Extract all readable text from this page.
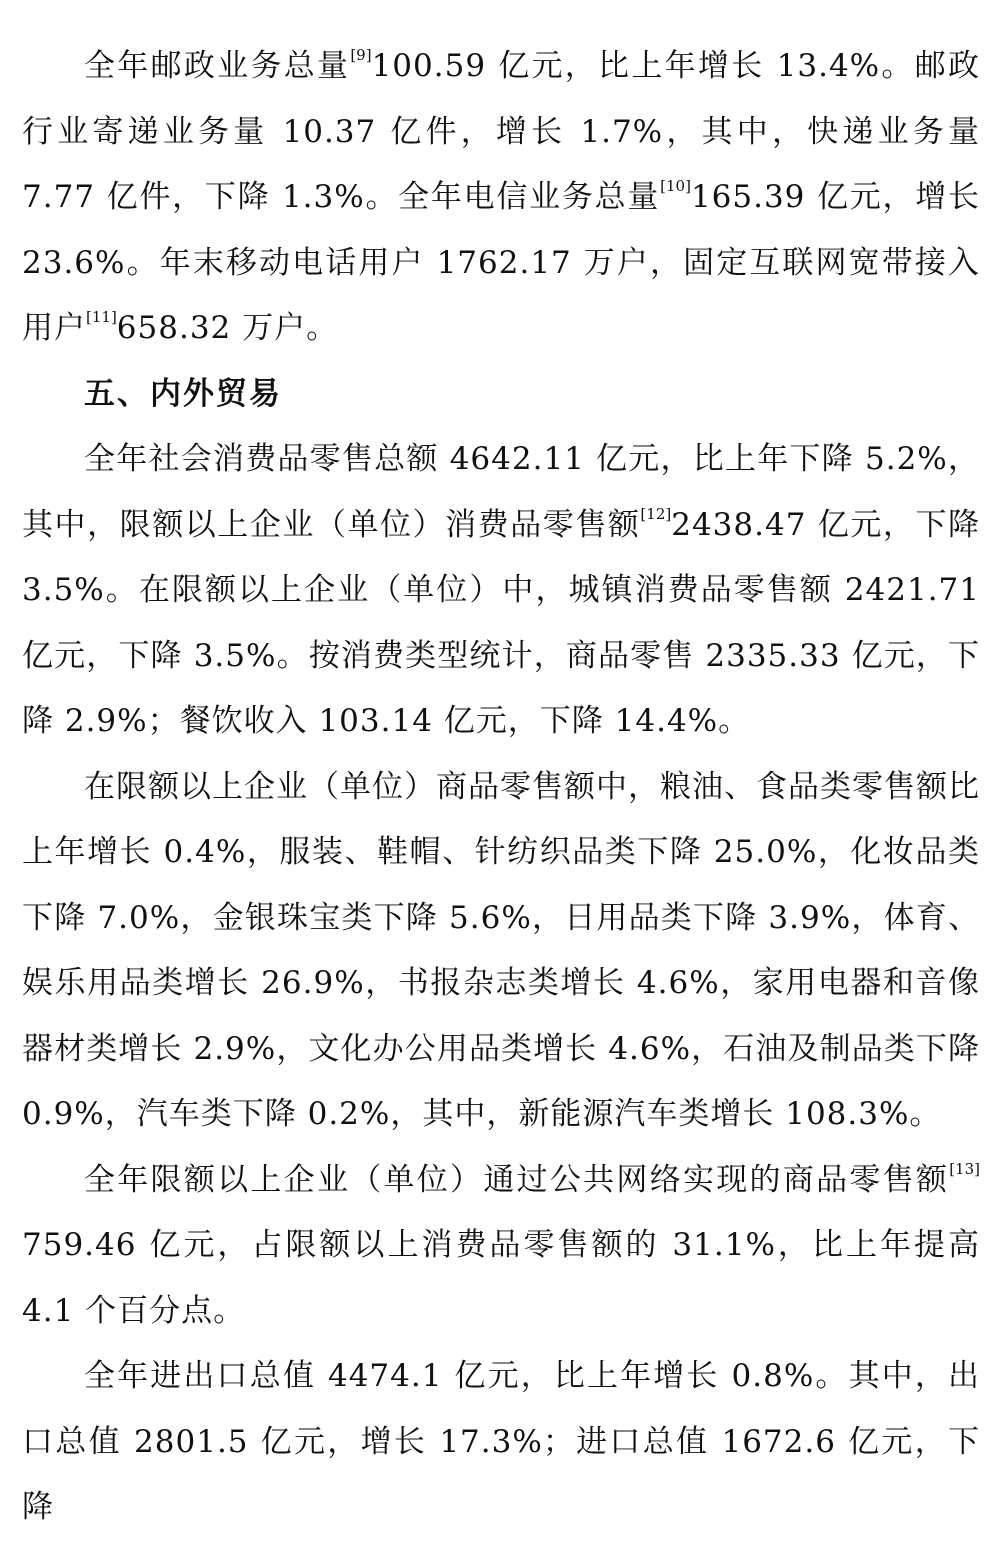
全年邮政业务总量[9]100.59 亿元，比上年增长 13.4%。邮政行业寄递业务量 10.37 亿件，增长 1.7%，其中，快递业务量 7.77 亿件，下降 1.3%。全年电信业务总量[10]165.39 亿元，增长 23.6%。年末移动电话用户 1762.17 万户，固定互联网宽带接入用户[11]658.32 万户。

五、内外贸易

全年社会消费品零售总额 4642.11 亿元，比上年下降 5.2%，其中，限额以上企业（单位）消费品零售额[12]2438.47 亿元，下降 3.5%。在限额以上企业（单位）中，城镇消费品零售额 2421.71 亿元，下降 3.5%。按消费类型统计，商品零售 2335.33 亿元，下降 2.9%；餐饮收入 103.14 亿元，下降 14.4%。

在限额以上企业（单位）商品零售额中，粮油、食品类零售额比上年增长 0.4%，服装、鞋帽、针纺织品类下降 25.0%，化妆品类下降 7.0%，金银珠宝类下降 5.6%，日用品类下降 3.9%，体育、娱乐用品类增长 26.9%，书报杂志类增长 4.6%，家用电器和音像器材类增长 2.9%，文化办公用品类增长 4.6%，石油及制品类下降 0.9%，汽车类下降 0.2%，其中，新能源汽车类增长 108.3%。

全年限额以上企业（单位）通过公共网络实现的商品零售额[13] 759.46 亿元，占限额以上消费品零售额的 31.1%，比上年提高 4.1 个百分点。

全年进出口总值 4474.1 亿元，比上年增长 0.8%。其中，出口总值 2801.5 亿元，增长 17.3%；进口总值 1672.6 亿元，下降
